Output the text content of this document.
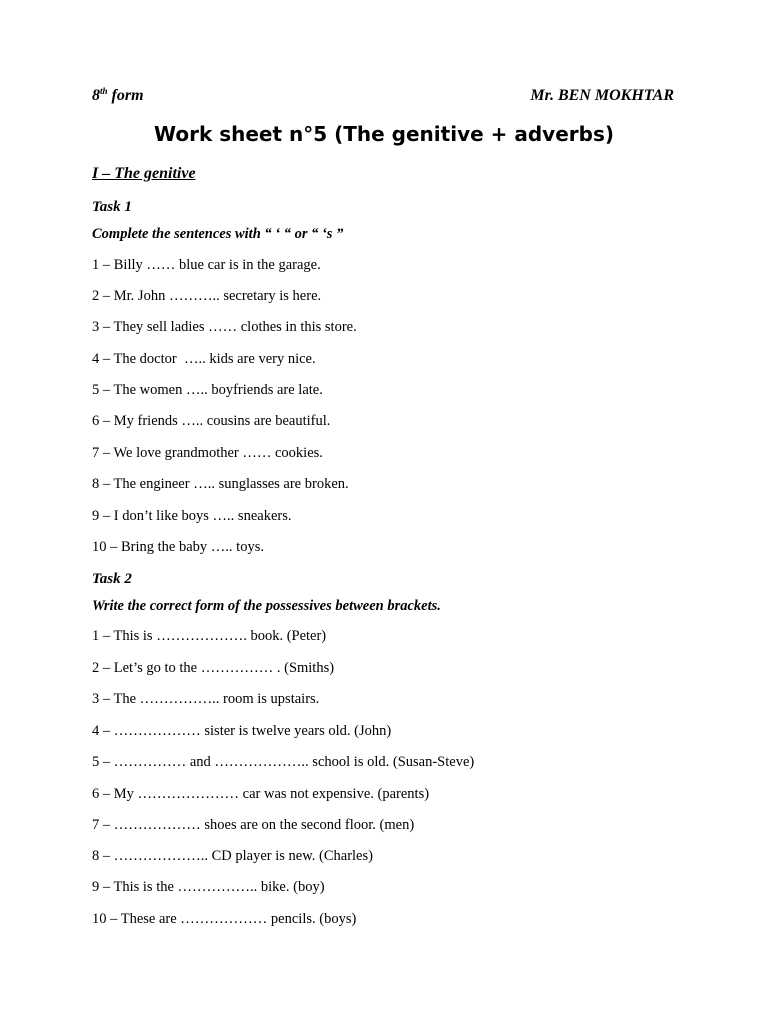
8th form	Mr. BEN MOKHTAR
Work sheet n°5 (The genitive + adverbs)
I – The genitive
Task 1
Complete the sentences with “ ‘ “ or “ ‘s ”
1 – Billy …… blue car is in the garage.
2 – Mr. John ……….. secretary is here.
3 – They sell ladies …… clothes in this store.
4 – The doctor  ….. kids are very nice.
5 – The women ….. boyfriends are late.
6 – My friends ….. cousins are beautiful.
7 – We love grandmother …… cookies.
8 – The engineer ….. sunglasses are broken.
9 – I don’t like boys ….. sneakers.
10 – Bring the baby ….. toys.
Task 2
Write the correct form of the possessives between brackets.
1 – This is ………………. book. (Peter)
2 – Let’s go to the …………… . (Smiths)
3 – The …………….. room is upstairs.
4 – ……………… sister is twelve years old. (John)
5 – …………… and ……………….. school is old. (Susan-Steve)
6 – My ………………… car was not expensive. (parents)
7 – ……………… shoes are on the second floor. (men)
8 – ……………….. CD player is new. (Charles)
9 – This is the …………….. bike. (boy)
10 – These are ……………… pencils. (boys)
